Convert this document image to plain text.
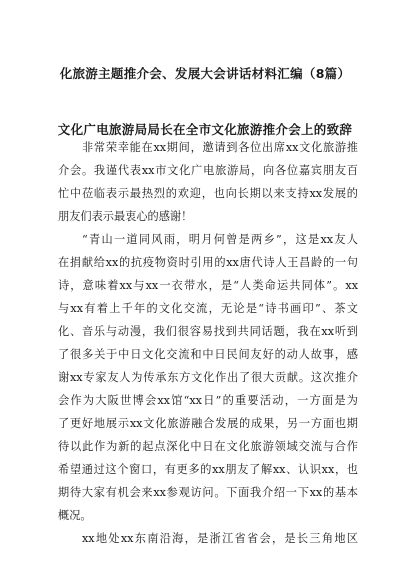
化旅游主题推介会、发展大会讲话材料汇编（8篇）
文化广电旅游局局长在全市文化旅游推介会上的致辞
非常荣幸能在xx期间，邀请到各位出席xx文化旅游推
介会。我谨代表xx市文化广电旅游局，向各位嘉宾朋友百
忙中莅临表示最热烈的欢迎，也向长期以来支持xx发展的
朋友们表示最衷心的感谢！
“青山一道同风雨，明月何曾是两乡”，这是xx友人
在捐献给xx的抗疫物资时引用的xx唐代诗人王昌龄的一句
诗，意味着xx与xx一衣带水，是“人类命运共同体”。xx
与xx有着上千年的文化交流，无论是“诗书画印”、茶文
化、音乐与动漫，我们很容易找到共同话题，我在xx听到
了很多关于中日文化交流和中日民间友好的动人故事，感
谢xx专家友人为传承东方文化作出了很大贡献。这次推介
会作为大阪世博会xx馆“xx日”的重要活动，一方面是为
了更好地展示xx文化旅游融合发展的成果，另一方面也期
待以此作为新的起点深化中日在文化旅游领域交流与合作
希望通过这个窗口，有更多的xx朋友了解xx、认识xx，也
期待大家有机会来xx参观访问。下面我介绍一下xx的基本
概况。
xx地处xx东南沿海，是浙江省省会，是长三角地区
